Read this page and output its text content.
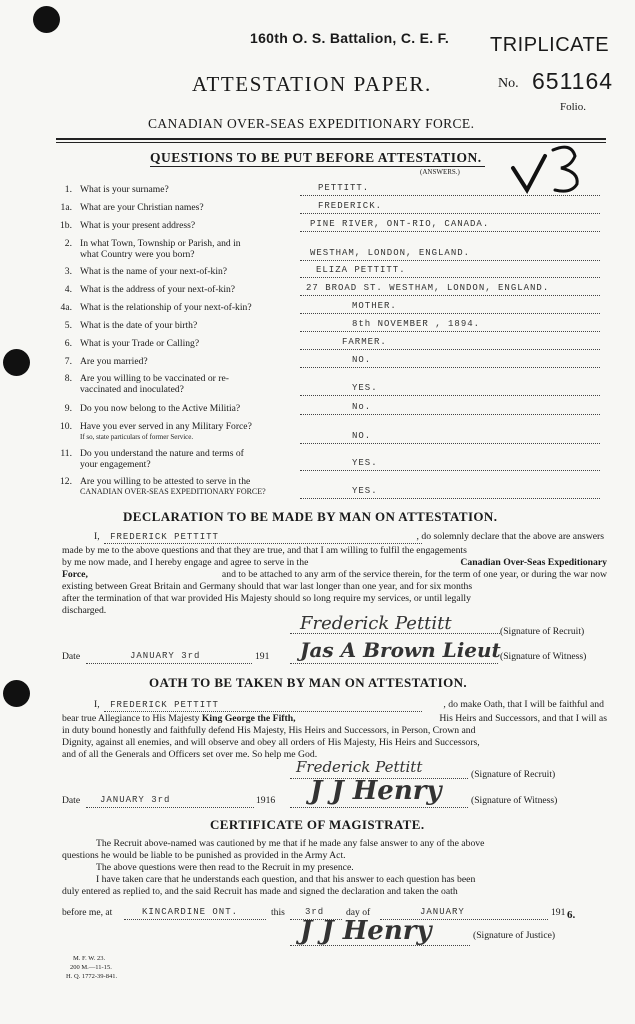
160th O. S. Battalion, C. E. F. TRIPLICATE
ATTESTATION PAPER.	No. 651164
Folio.
CANADIAN OVER-SEAS EXPEDITIONARY FORCE.
QUESTIONS TO BE PUT BEFORE ATTESTATION.
(ANSWERS.)
1. What is your surname?	PETTITT.
1a. What are your Christian names?	FREDERICK.
1b. What is your present address?	PINE RIVER, ONT-RIO, CANADA.
2. In what Town, Township or Parish, and in
what Country were you born?	WESTHAM, LONDON, ENGLAND.
3. What is the name of your next-of-kin?	ELIZA PETTITT.
4. What is the address of your next-of-kin?	27 BROAD ST. WESTHAM, LONDON, ENGLAND.
4a. What is the relationship of your next-of-kin?	MOTHER.
5. What is the date of your birth?	8th NOVEMBER , 1894.
6. What is your Trade or Calling?	FARMER.
7. Are you married?	NO.
8. Are you willing to be vaccinated or re-
vaccinated and inoculated?	YES.
9. Do you now belong to the Active Militia?	No.
10. Have you ever served in any Military Force?
If so, state particulars of former Service.	NO.
11. Do you understand the nature and terms of
your engagement?	YES.
12. Are you willing to be attested to serve in the
CANADIAN OVER-SEAS EXPEDITIONARY FORCE?	YES.
DECLARATION TO BE MADE BY MAN ON ATTESTATION.
I, FREDERICK PETTITT	, do solemnly declare that the above are answers
made by me to the above questions and that they are true, and that I am willing to fulfil the engagements
by me now made, and I hereby engage and agree to serve in the	Canadian Over-Seas Expeditionary
Force,	and to be attached to any arm of the service therein, for the term of one year, or during the war now
existing between Great Britain and Germany should that war last longer than one year, and for six months
after the termination of that war provided His Majesty should so long require my services, or until legally
discharged.
Frederick Pettitt	(Signature of Recruit)
Date	JANUARY 3rd	191 Jas A Brown Lieut (Signature of Witness)
OATH TO BE TAKEN BY MAN ON ATTESTATION.
I, FREDERICK PETTITT	, do make Oath, that I will be faithful and
bear true Allegiance to His Majesty King George the Fifth,	His Heirs and Successors, and that I will as
in duty bound honestly and faithfully defend His Majesty, His Heirs and Successors, in Person, Crown and
Dignity, against all enemies, and will observe and obey all orders of His Majesty, His Heirs and Successors,
and of all the Generals and Officers set over me. So help me God.
Frederick Pettitt	(Signature of Recruit)
Date JANUARY 3rd	1916 J J Henry	(Signature of Witness)
CERTIFICATE OF MAGISTRATE.
The Recruit above-named was cautioned by me that if he made any false answer to any of the above
questions he would be liable to be punished as provided in the Army Act.
The above questions were then read to the Recruit in my presence.
I have taken care that he understands each question, and that his answer to each question has been
duly entered as replied to, and the said Recruit has made and signed the declaration and taken the oath
before me, at	KINCARDINE ONT.	this 3rd day of	JANUARY	191 6.
J J Henry	(Signature of Justice)
M. F. W. 23.
200 M.—11-15.
H. Q. 1772-39-841.
